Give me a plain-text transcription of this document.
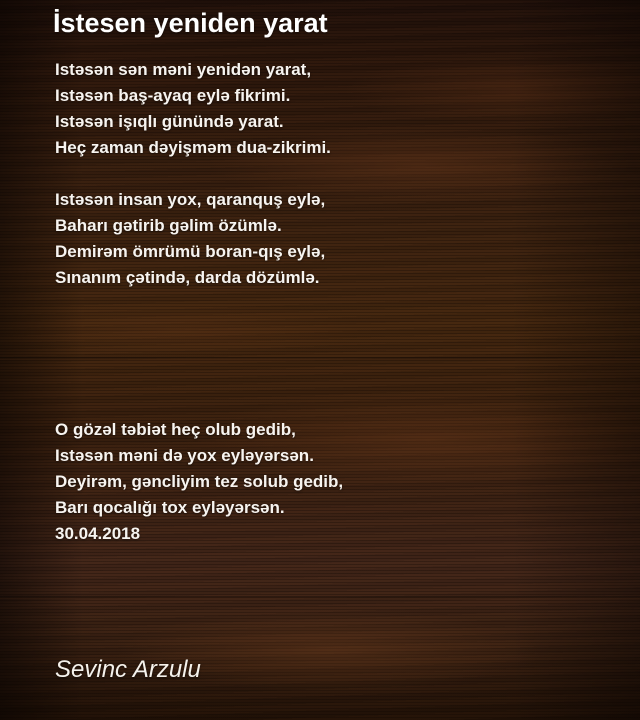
İstesen yeniden yarat
Istəsən sən məni yenidən yarat,
Istəsən baş-ayaq eylə fikrimi.
Istəsən işıqlı günündə yarat.
Heç zaman dəyişməm dua-zikrimi.
Istəsən insan yox, qaranquş eylə,
Baharı gətirib gəlim özümlə.
Demirəm ömrümü boran-qış eylə,
Sınanım çətində, darda dözümlə.
O gözəl təbiət heç olub gedib,
Istəsən məni də yox eyləyərsən.
Deyirəm, gəncliyim tez solub gedib,
Barı qocalığı tox eyləyərsən.
30.04.2018
Sevinc Arzulu
